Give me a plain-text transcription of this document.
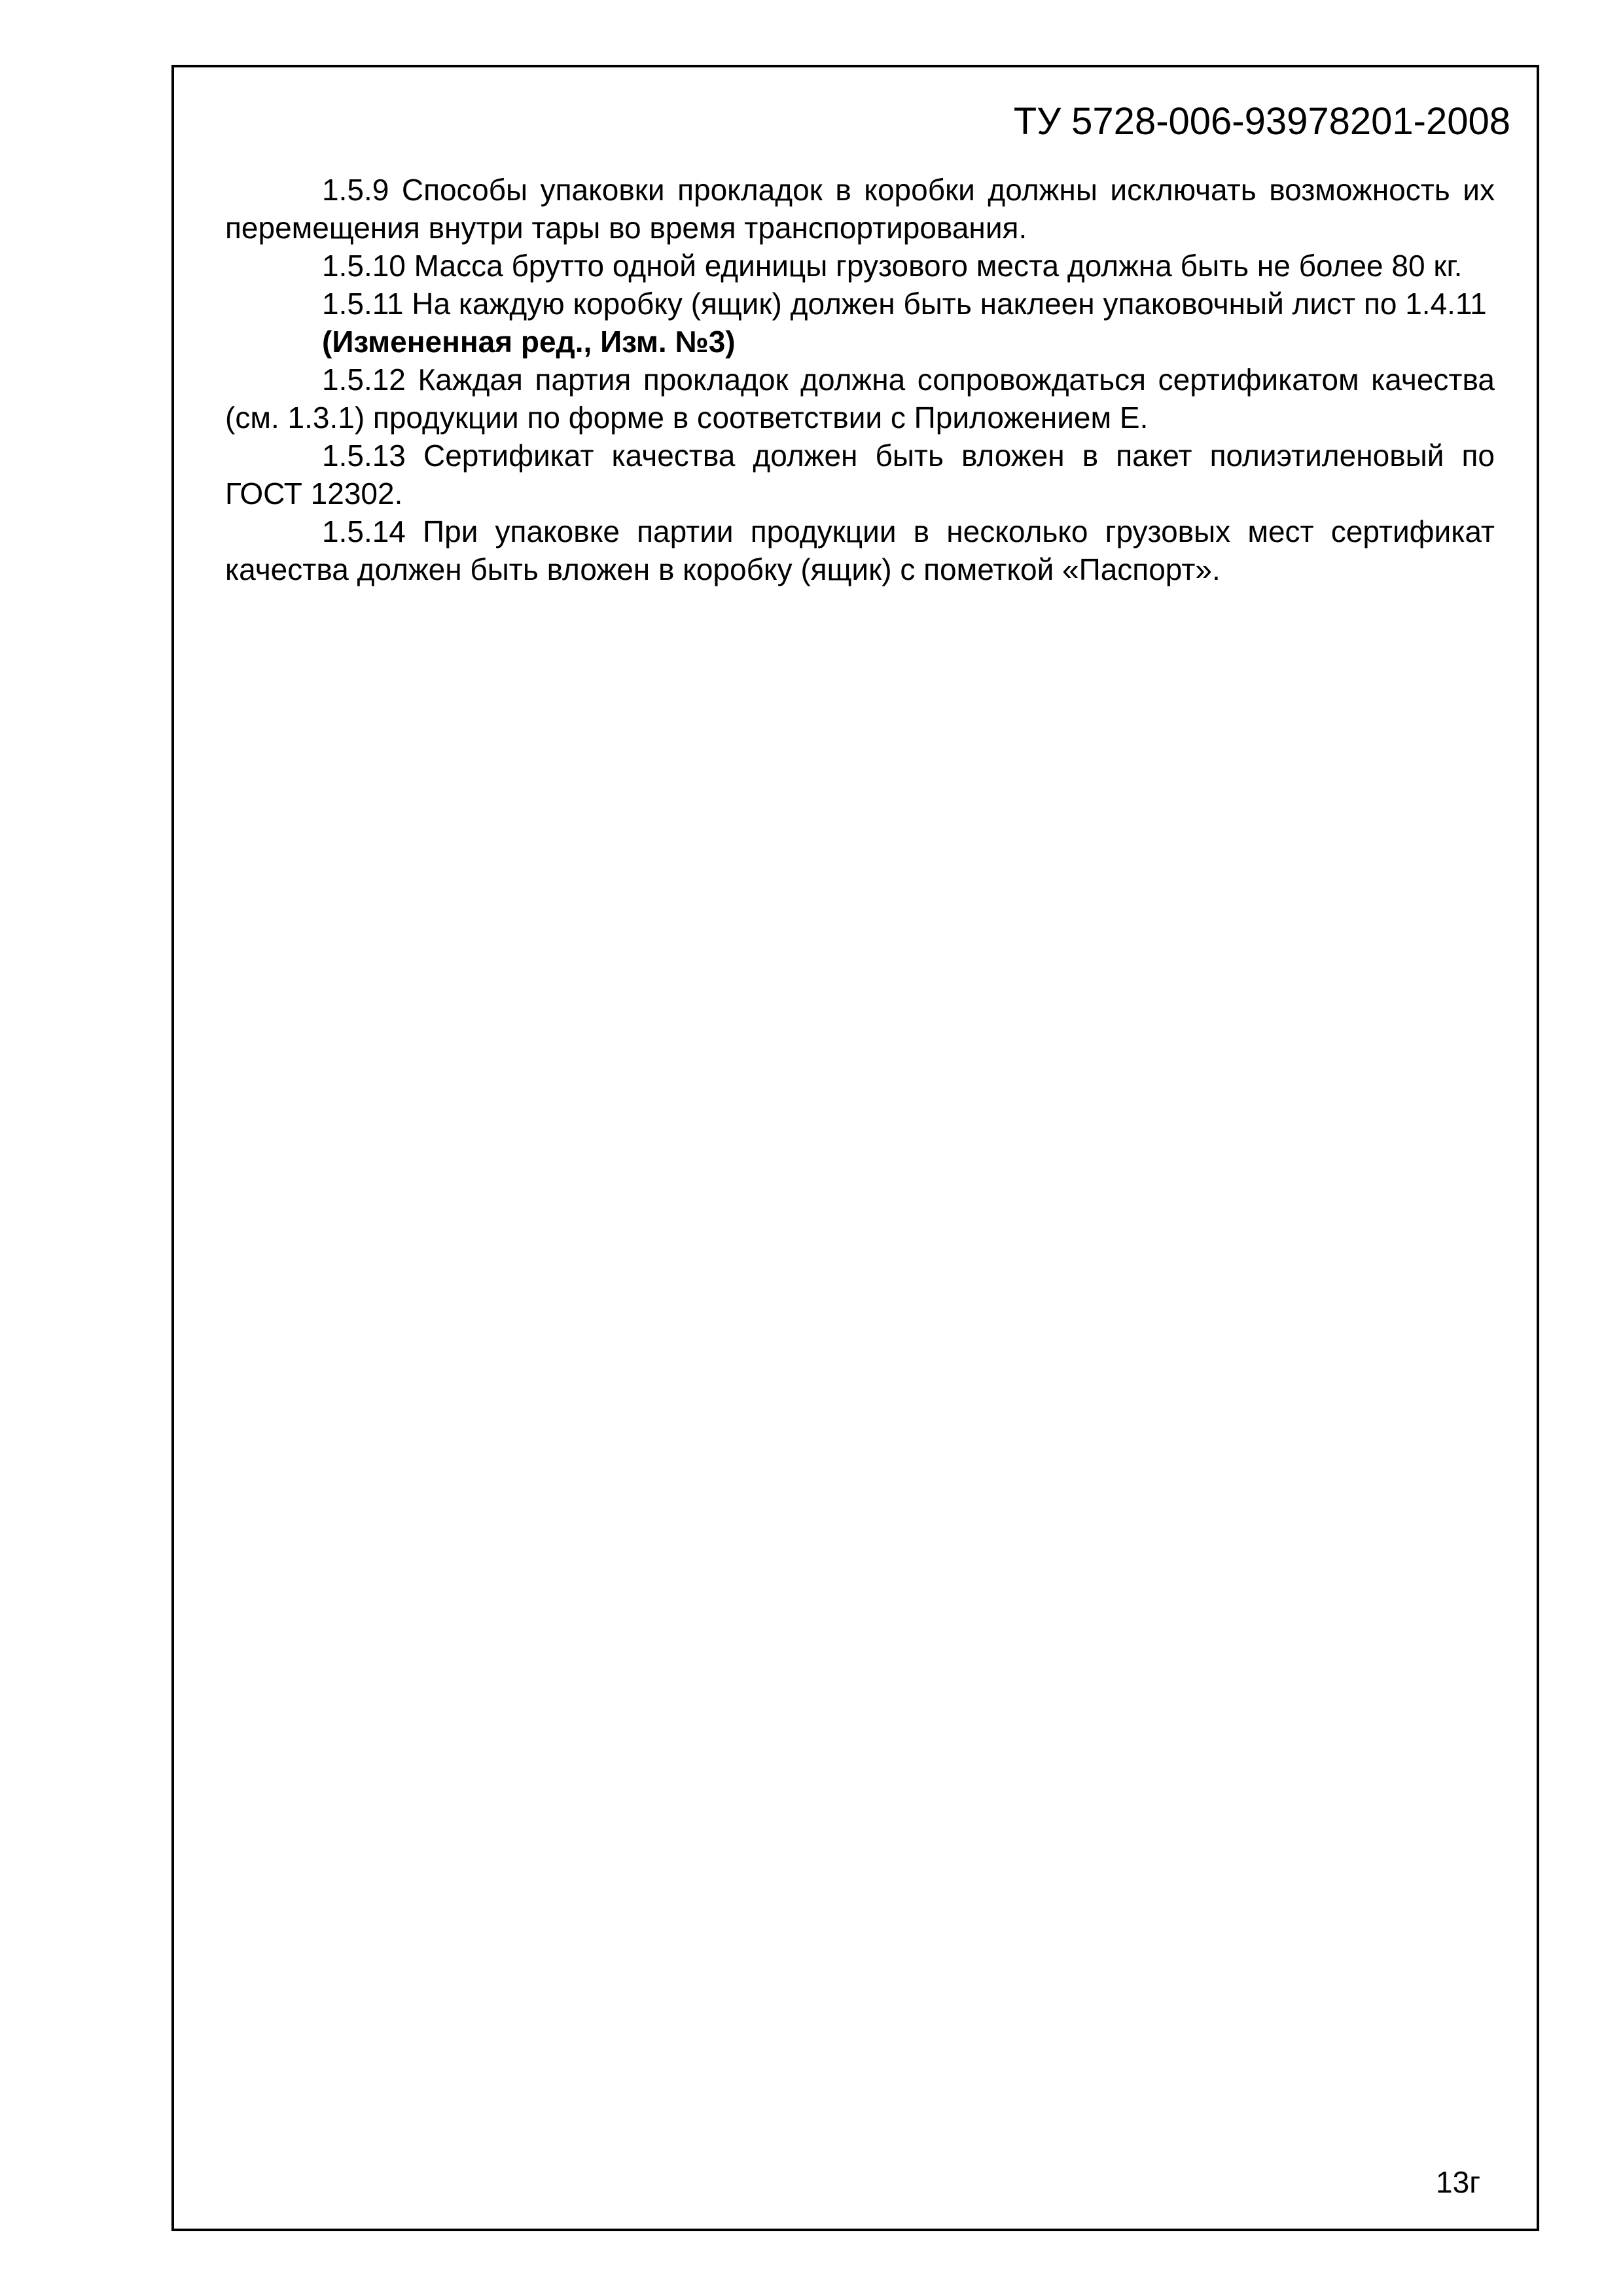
ТУ 5728-006-93978201-2008

1.5.9 Способы упаковки прокладок в коробки должны исключать возможность их перемещения внутри тары во время транспортирования.

1.5.10 Масса брутто одной единицы грузового места должна быть не более 80 кг.

1.5.11 На каждую коробку (ящик) должен быть наклеен упаковочный лист по 1.4.11

(Измененная ред., Изм. №3)

1.5.12 Каждая партия прокладок должна сопровождаться сертификатом качества (см. 1.3.1) продукции по форме в соответствии с Приложением Е.

1.5.13 Сертификат качества должен быть вложен в пакет полиэтиленовый по ГОСТ 12302.

1.5.14 При упаковке партии продукции в несколько грузовых мест сертификат качества должен быть вложен в коробку (ящик) с пометкой «Паспорт».

13г
